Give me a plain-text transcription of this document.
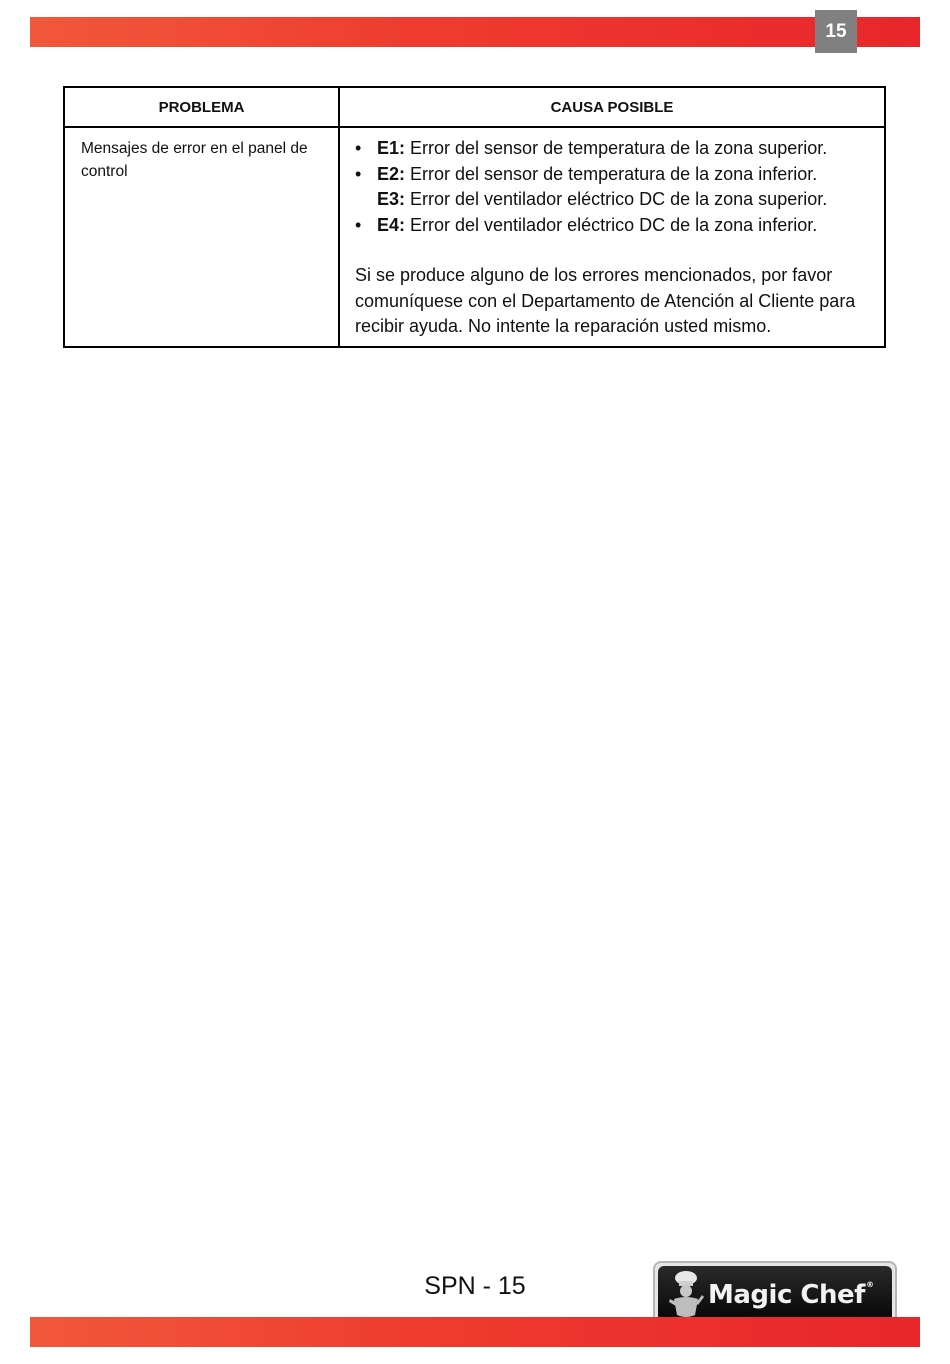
15
PROBLEMA	CAUSA POSIBLE
Mensajes de error en el panel de control
• E1: Error del sensor de temperatura de la zona superior.
• E2: Error del sensor de temperatura de la zona inferior.
E3: Error del ventilador eléctrico DC de la zona superior.
• E4: Error del ventilador eléctrico DC de la zona inferior.

Si se produce alguno de los errores mencionados, por favor comuníquese con el Departamento de Atención al Cliente para recibir ayuda. No intente la reparación usted mismo.

SPN - 15	Magic Chef®
